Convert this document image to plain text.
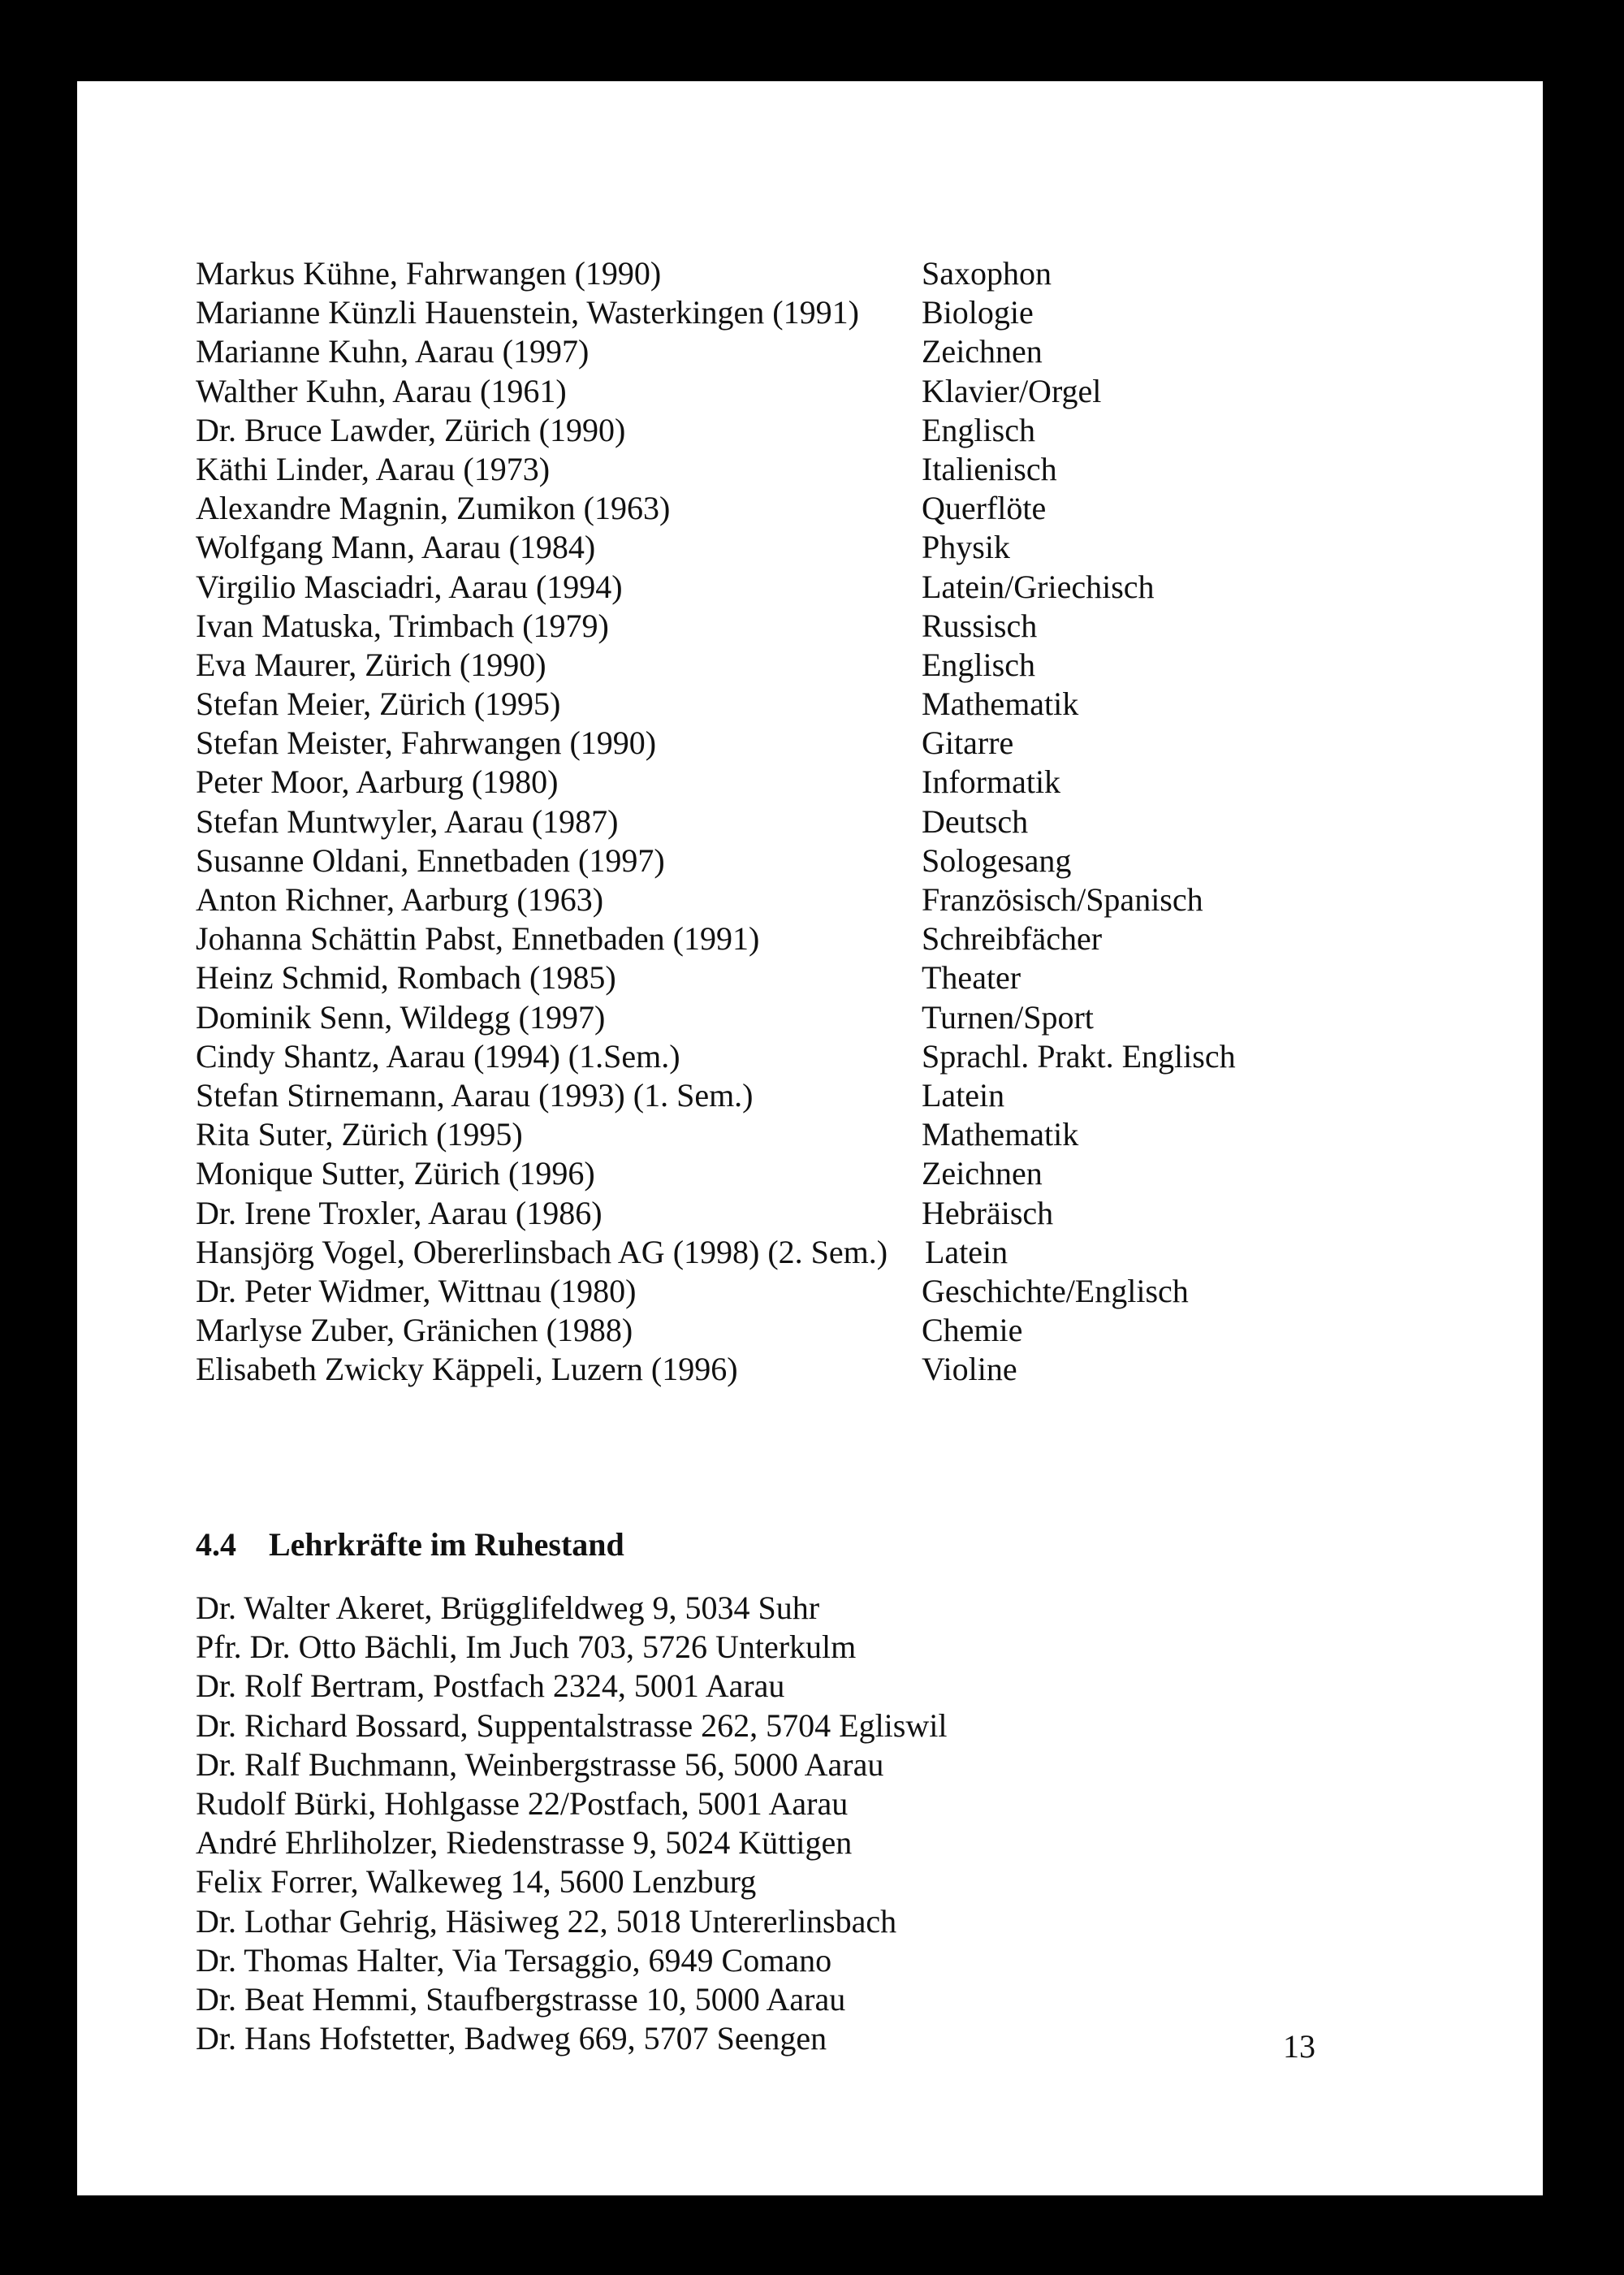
Markus Kühne, Fahrwangen (1990)	Saxophon
Marianne Künzli Hauenstein, Wasterkingen (1991) Biologie
Marianne Kuhn, Aarau (1997)	Zeichnen
Walther Kuhn, Aarau (1961)	Klavier/Orgel
Dr. Bruce Lawder, Zürich (1990)	Englisch
Käthi Linder, Aarau (1973)	Italienisch
Alexandre Magnin, Zumikon (1963)	Querflöte
Wolfgang Mann, Aarau (1984)	Physik
Virgilio Masciadri, Aarau (1994)	Latein/Griechisch
Ivan Matuska, Trimbach (1979)	Russisch
Eva Maurer, Zürich (1990)	Englisch
Stefan Meier, Zürich (1995)	Mathematik
Stefan Meister, Fahrwangen (1990)	Gitarre
Peter Moor, Aarburg (1980)	Informatik
Stefan Muntwyler, Aarau (1987)	Deutsch
Susanne Oldani, Ennetbaden (1997)	Sologesang
Anton Richner, Aarburg (1963)	Französisch/Spanisch
Johanna Schättin Pabst, Ennetbaden (1991)	Schreibfächer
Heinz Schmid, Rombach (1985)	Theater
Dominik Senn, Wildegg (1997)	Turnen/Sport
Cindy Shantz, Aarau (1994) (1.Sem.)	Sprachl. Prakt. Englisch
Stefan Stirnemann, Aarau (1993) (1. Sem.)	Latein
Rita Suter, Zürich (1995)	Mathematik
Monique Sutter, Zürich (1996)	Zeichnen
Dr. Irene Troxler, Aarau (1986)	Hebräisch
Hansjörg Vogel, Obererlinsbach AG (1998) (2. Sem.) Latein
Dr. Peter Widmer, Wittnau (1980)	Geschichte/Englisch
Marlyse Zuber, Gränichen (1988)	Chemie
Elisabeth Zwicky Käppeli, Luzern (1996)	Violine
4.4 Lehrkräfte im Ruhestand
Dr. Walter Akeret, Brügglifeldweg 9, 5034 Suhr
Pfr. Dr. Otto Bächli, Im Juch 703, 5726 Unterkulm
Dr. Rolf Bertram, Postfach 2324, 5001 Aarau
Dr. Richard Bossard, Suppentalstrasse 262, 5704 Egliswil
Dr. Ralf Buchmann, Weinbergstrasse 56, 5000 Aarau
Rudolf Bürki, Hohlgasse 22/Postfach, 5001 Aarau
André Ehrliholzer, Riedenstrasse 9, 5024 Küttigen
Felix Forrer, Walkeweg 14, 5600 Lenzburg
Dr. Lothar Gehrig, Häsiweg 22, 5018 Untererlinsbach
Dr. Thomas Halter, Via Tersaggio, 6949 Comano
Dr. Beat Hemmi, Staufbergstrasse 10, 5000 Aarau
Dr. Hans Hofstetter, Badweg 669, 5707 Seengen	13
